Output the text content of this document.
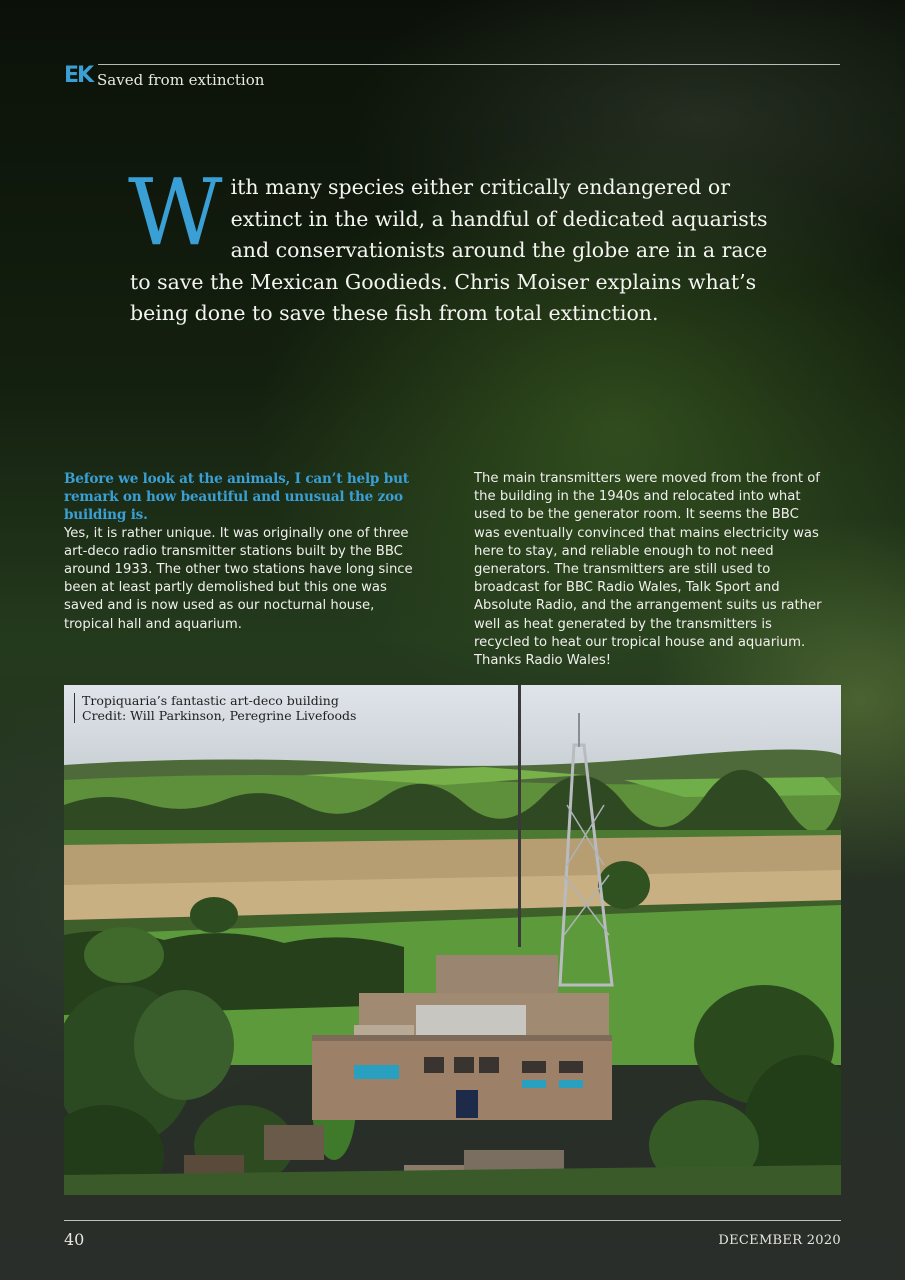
EK Saved from extinction
W ith many species either critically endangered or extinct in the wild, a handful of dedicated aquarists and conservationists around the globe are in a race to save the Mexican Goodieds. Chris Moiser explains what’s being done to save these fish from total extinction.
Before we look at the animals, I can’t help but remark on how beautiful and unusual the zoo building is.
Yes, it is rather unique. It was originally one of three art-deco radio transmitter stations built by the BBC around 1933. The other two stations have long since been at least partly demolished but this one was saved and is now used as our nocturnal house, tropical hall and aquarium.
The main transmitters were moved from the front of the building in the 1940s and relocated into what used to be the generator room. It seems the BBC was eventually convinced that mains electricity was here to stay, and reliable enough to not need generators. The transmitters are still used to broadcast for BBC Radio Wales, Talk Sport and Absolute Radio, and the arrangement suits us rather well as heat generated by the transmitters is recycled to heat our tropical house and aquarium. Thanks Radio Wales!
Tropiquaria’s fantastic art-deco building
Credit: Will Parkinson, Peregrine Livefoods
40	DECEMBER 2020
